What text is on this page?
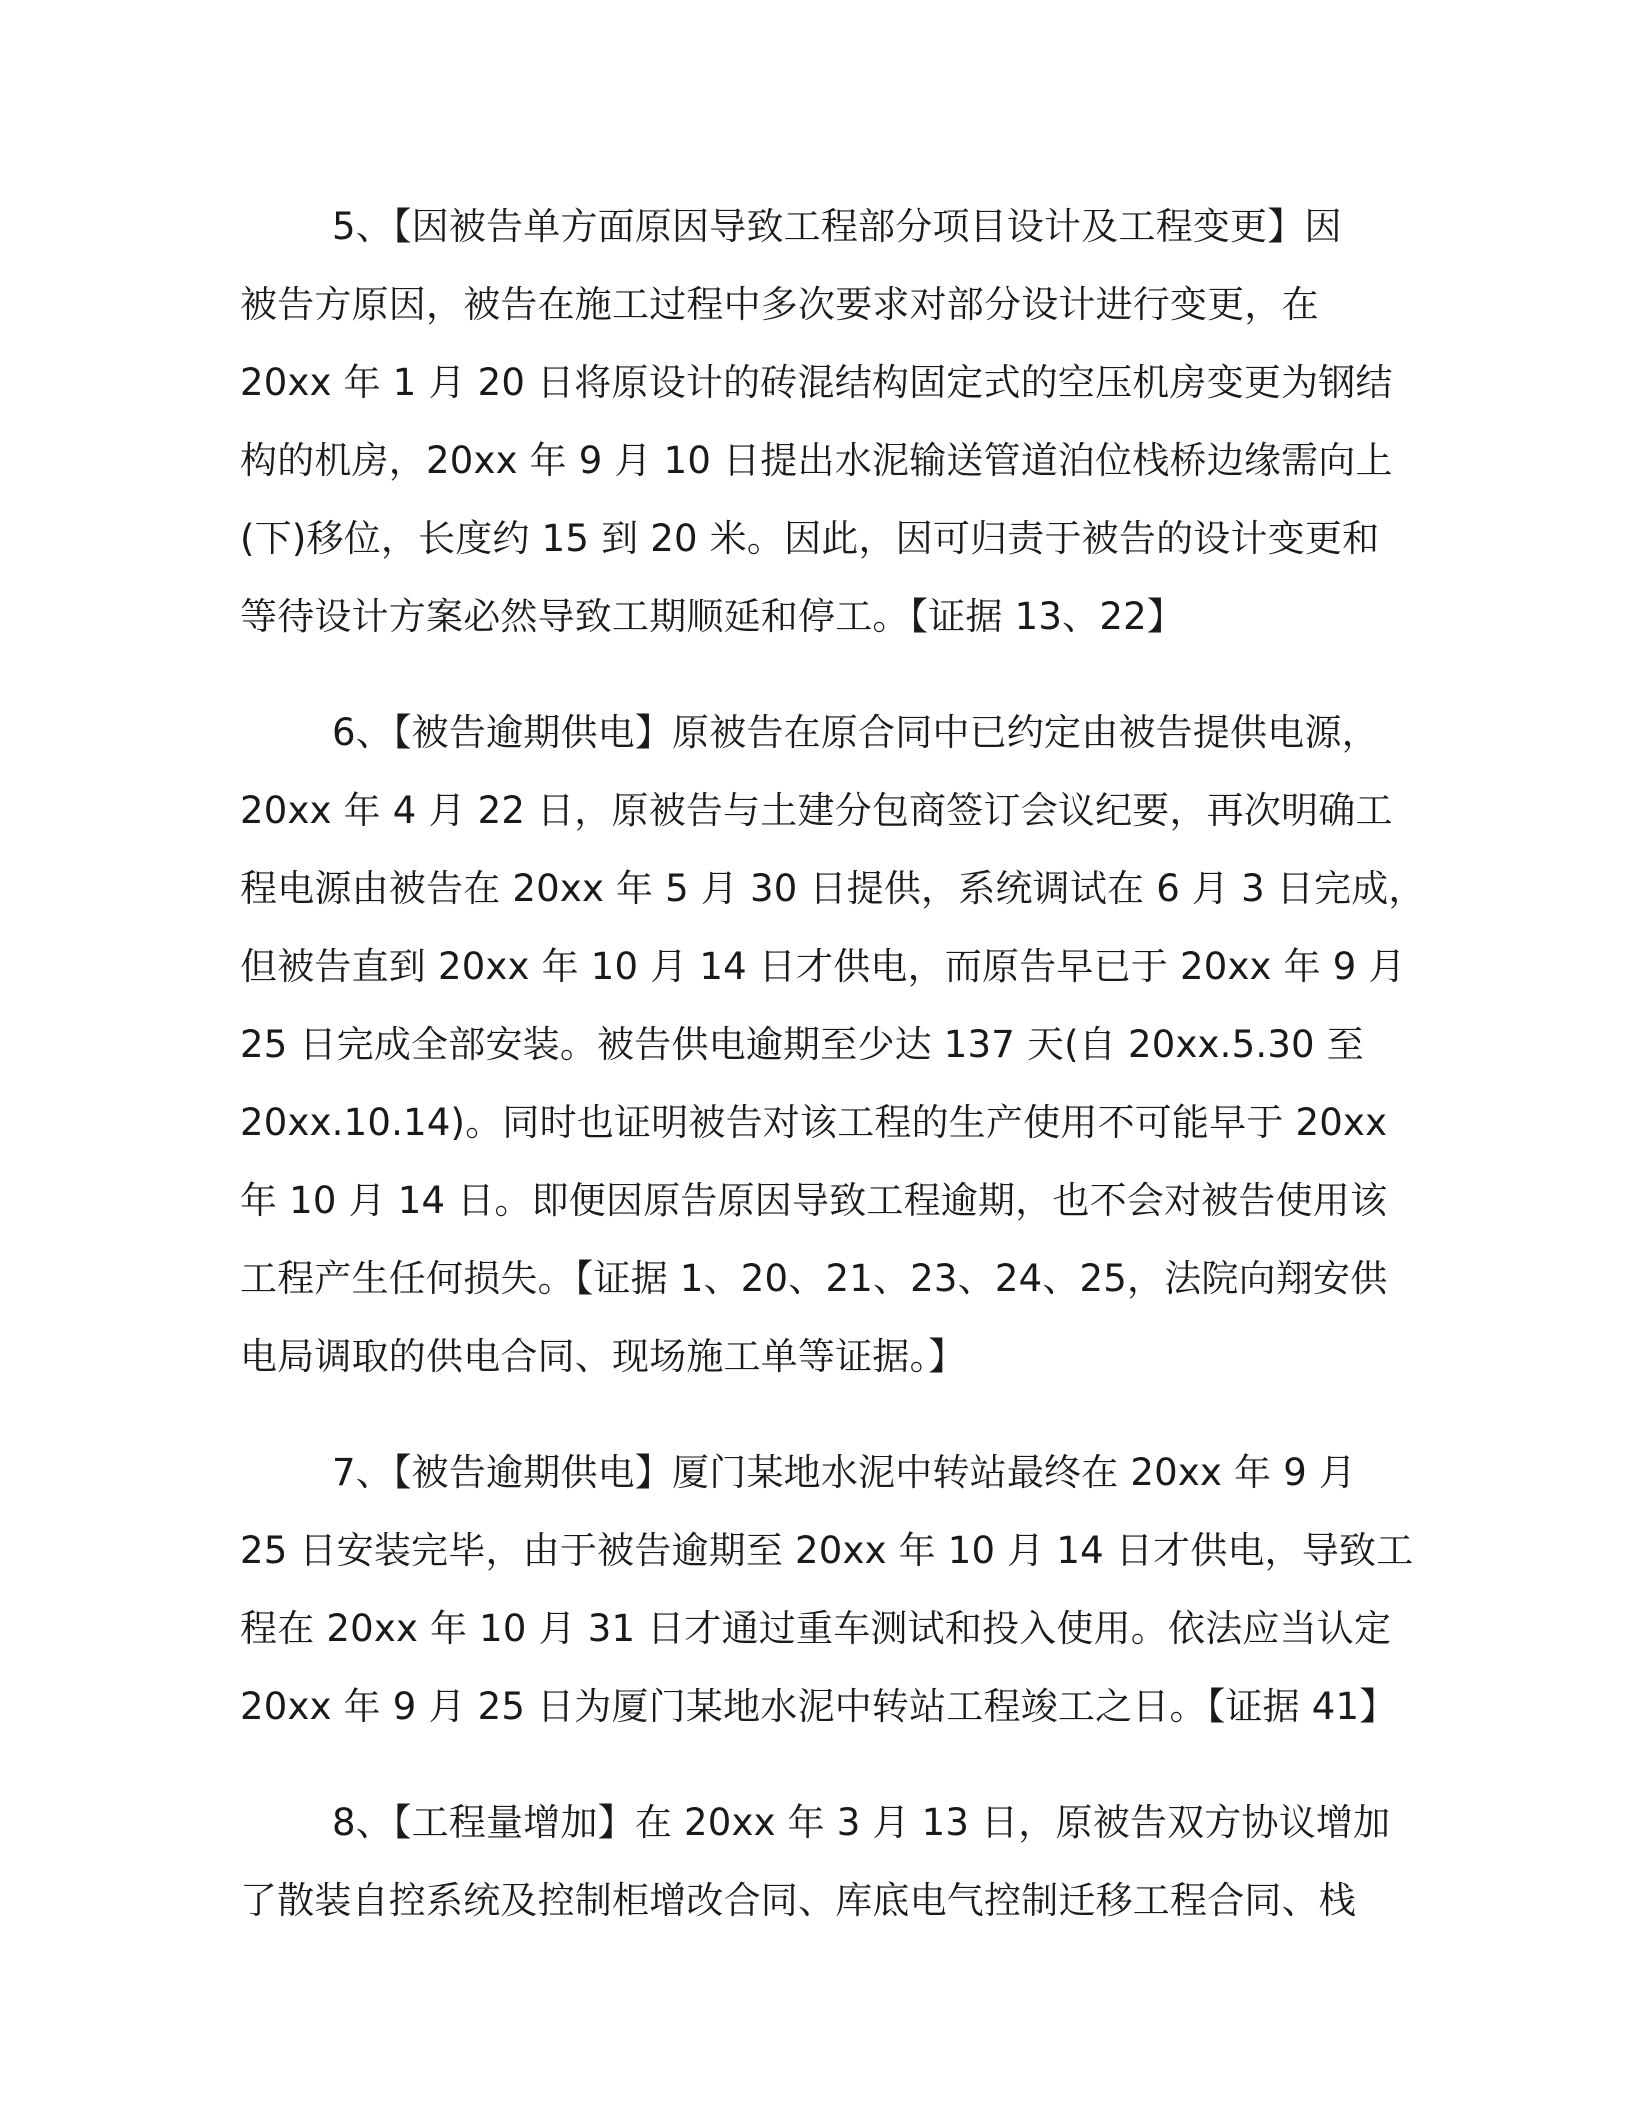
5、【因被告单方面原因导致工程部分项目设计及工程变更】因
被告方原因，被告在施工过程中多次要求对部分设计进行变更，在
20xx 年 1 月 20 日将原设计的砖混结构固定式的空压机房变更为钢结
构的机房，20xx 年 9 月 10 日提出水泥输送管道泊位栈桥边缘需向上
(下)移位，长度约 15 到 20 米。因此，因可归责于被告的设计变更和
等待设计方案必然导致工期顺延和停工。【证据 13、22】
6、【被告逾期供电】原被告在原合同中已约定由被告提供电源，
20xx 年 4 月 22 日，原被告与土建分包商签订会议纪要，再次明确工
程电源由被告在 20xx 年 5 月 30 日提供，系统调试在 6 月 3 日完成，
但被告直到 20xx 年 10 月 14 日才供电，而原告早已于 20xx 年 9 月
25 日完成全部安装。被告供电逾期至少达 137 天(自 20xx.5.30 至
20xx.10.14)。同时也证明被告对该工程的生产使用不可能早于 20xx
年 10 月 14 日。即便因原告原因导致工程逾期，也不会对被告使用该
工程产生任何损失。【证据 1、20、21、23、24、25，法院向翔安供
电局调取的供电合同、现场施工单等证据。】
7、【被告逾期供电】厦门某地水泥中转站最终在 20xx 年 9 月
25 日安装完毕，由于被告逾期至 20xx 年 10 月 14 日才供电，导致工
程在 20xx 年 10 月 31 日才通过重车测试和投入使用。依法应当认定
20xx 年 9 月 25 日为厦门某地水泥中转站工程竣工之日。【证据 41】
8、【工程量增加】在 20xx 年 3 月 13 日，原被告双方协议增加
了散装自控系统及控制柜增改合同、库底电气控制迁移工程合同、栈
